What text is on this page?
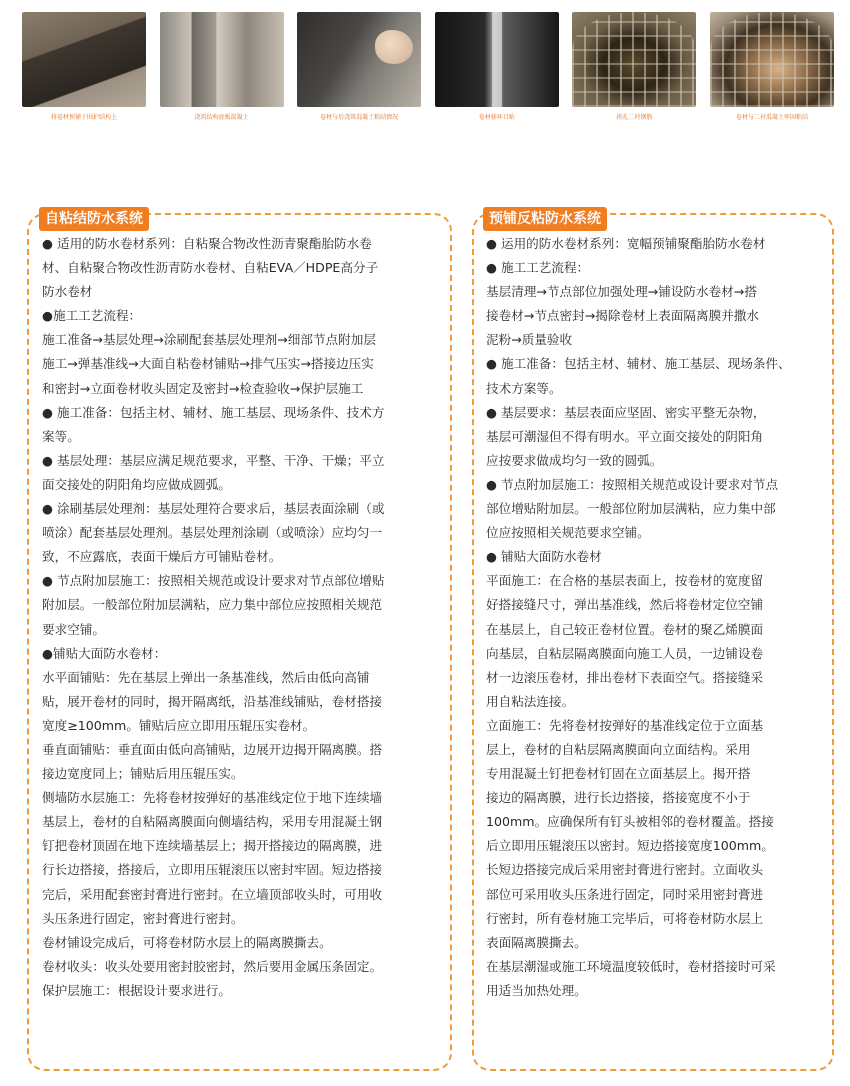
将卷材预铺于围护结构上	浇筑结构底板混凝土	卷材与后浇筑混凝土粘结情况	卷材移环目贴	拱孔二衬钢筋	卷材与二衬混凝土牢固粘结
自粘结防水系统	预铺反粘防水系统
● 适用的防水卷材系列：自粘聚合物改性沥青聚酯胎防水卷
材、自粘聚合物改性沥青防水卷材、自粘EVA／HDPE高分子
防水卷材
●施工工艺流程：
施工准备→基层处理→涂刷配套基层处理剂→细部节点附加层
施工→弹基准线→大面自粘卷材铺贴→排气压实→搭接边压实
和密封→立面卷材收头固定及密封→检查验收→保护层施工
● 施工准备：包括主材、辅材、施工基层、现场条件、技术方
案等。
● 基层处理：基层应满足规范要求，平整、干净、干燥；平立
面交接处的阴阳角均应做成圆弧。
● 涂刷基层处理剂：基层处理符合要求后，基层表面涂刷（或
喷涂）配套基层处理剂。基层处理剂涂刷（或喷涂）应均匀一
致，不应露底，表面干燥后方可铺贴卷材。
● 节点附加层施工：按照相关规范或设计要求对节点部位增贴
附加层。一般部位附加层满粘，应力集中部位应按照相关规范
要求空铺。
●铺贴大面防水卷材：
水平面铺贴：先在基层上弹出一条基准线，然后由低向高铺
贴，展开卷材的同时，揭开隔离纸，沿基准线铺贴，卷材搭接
宽度≥100mm。铺贴后应立即用压辊压实卷材。
垂直面铺贴：垂直面由低向高铺贴，边展开边揭开隔离膜。搭
接边宽度同上；铺贴后用压辊压实。
侧墙防水层施工：先将卷材按弹好的基准线定位于地下连续墙
基层上，卷材的自粘隔离膜面向侧墙结构，采用专用混凝土钢
钉把卷材顶固在地下连续墙基层上；揭开搭接边的隔离膜，进
行长边搭接，搭接后，立即用压辊滚压以密封牢固。短边搭接
完后，采用配套密封膏进行密封。在立墙顶部收头时，可用收
头压条进行固定，密封膏进行密封。
卷材铺设完成后，可将卷材防水层上的隔离膜撕去。
卷材收头：收头处要用密封胶密封，然后要用金属压条固定。
保护层施工：根据设计要求进行。
● 运用的防水卷材系列：宽幅预铺聚酯胎防水卷材
● 施工工艺流程：
基层清理→节点部位加强处理→铺设防水卷材→搭
接卷材→节点密封→揭除卷材上表面隔离膜并撒水
泥粉→质量验收
● 施工准备：包括主材、辅材、施工基层、现场条件、
技术方案等。
● 基层要求：基层表面应坚固、密实平整无杂物，
基层可潮湿但不得有明水。平立面交接处的阴阳角
应按要求做成均匀一致的圆弧。
● 节点附加层施工：按照相关规范或设计要求对节点
部位增贴附加层。一般部位附加层满粘，应力集中部
位应按照相关规范要求空铺。
● 铺贴大面防水卷材
平面施工：在合格的基层表面上，按卷材的宽度留
好搭接缝尺寸，弹出基准线，然后将卷材定位空铺
在基层上，自己较正卷材位置。卷材的聚乙烯膜面
向基层，自粘层隔离膜面向施工人员，一边铺设卷
材一边滚压卷材，排出卷材下表面空气。搭接缝采
用自粘法连接。
立面施工：先将卷材按弹好的基准线定位于立面基
层上，卷材的自粘层隔离膜面向立面结构。采用
专用混凝土钉把卷材钉固在立面基层上。揭开搭
接边的隔离膜，进行长边搭接，搭接宽度不小于
100mm。应确保所有钉头被相邻的卷材覆盖。搭接
后立即用压辊滚压以密封。短边搭接宽度100mm。
长短边搭接完成后采用密封膏进行密封。立面收头
部位可采用收头压条进行固定，同时采用密封膏进
行密封，所有卷材施工完毕后，可将卷材防水层上
表面隔离膜撕去。
在基层潮湿或施工环境温度较低时，卷材搭接时可采
用适当加热处理。
